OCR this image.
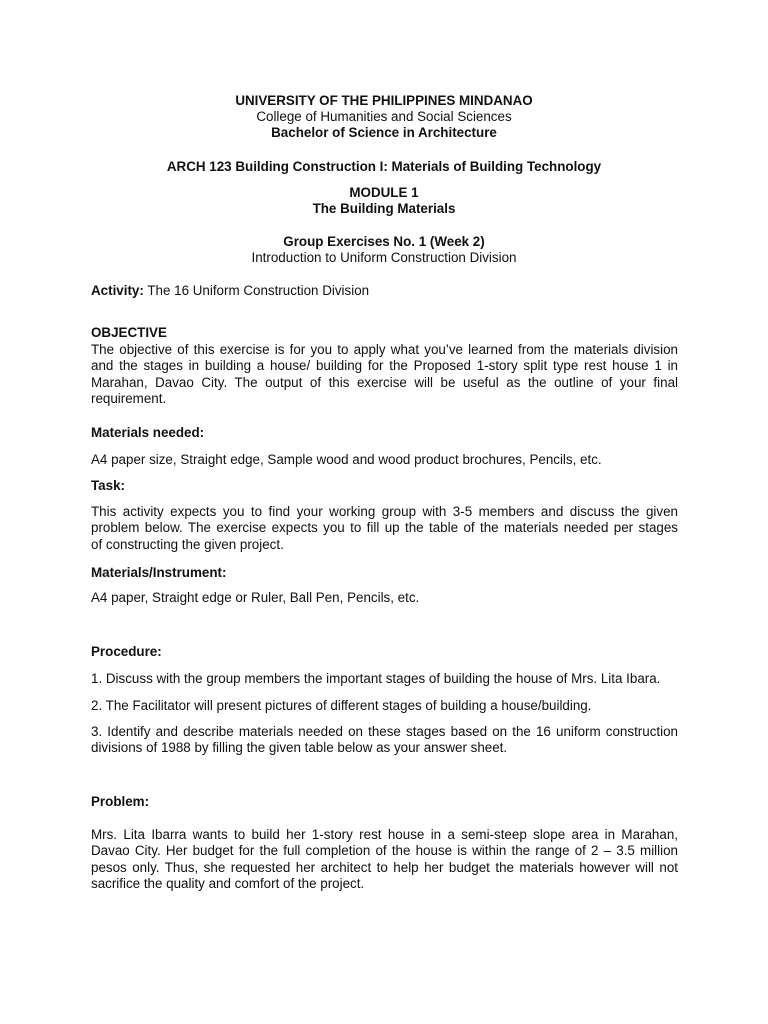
UNIVERSITY OF THE PHILIPPINES MINDANAO
College of Humanities and Social Sciences
Bachelor of Science in Architecture
ARCH 123 Building Construction I: Materials of Building Technology
MODULE 1
The Building Materials
Group Exercises No. 1 (Week 2)
Introduction to Uniform Construction Division
Activity: The 16 Uniform Construction Division
OBJECTIVE
The objective of this exercise is for you to apply what you’ve learned from the materials division
and the stages in building a house/ building for the Proposed 1-story split type rest house 1 in
Marahan, Davao City. The output of this exercise will be useful as the outline of your final
requirement.
Materials needed:
A4 paper size, Straight edge, Sample wood and wood product brochures, Pencils, etc.
Task:
This activity expects you to find your working group with 3-5 members and discuss the given
problem below. The exercise expects you to fill up the table of the materials needed per stages
of constructing the given project.
Materials/Instrument:
A4 paper, Straight edge or Ruler, Ball Pen, Pencils, etc.
Procedure:
1. Discuss with the group members the important stages of building the house of Mrs. Lita Ibara.
2. The Facilitator will present pictures of different stages of building a house/building.
3. Identify and describe materials needed on these stages based on the 16 uniform construction
divisions of 1988 by filling the given table below as your answer sheet.
Problem:
Mrs. Lita Ibarra wants to build her 1-story rest house in a semi-steep slope area in Marahan,
Davao City. Her budget for the full completion of the house is within the range of 2 – 3.5 million
pesos only. Thus, she requested her architect to help her budget the materials however will not
sacrifice the quality and comfort of the project.
